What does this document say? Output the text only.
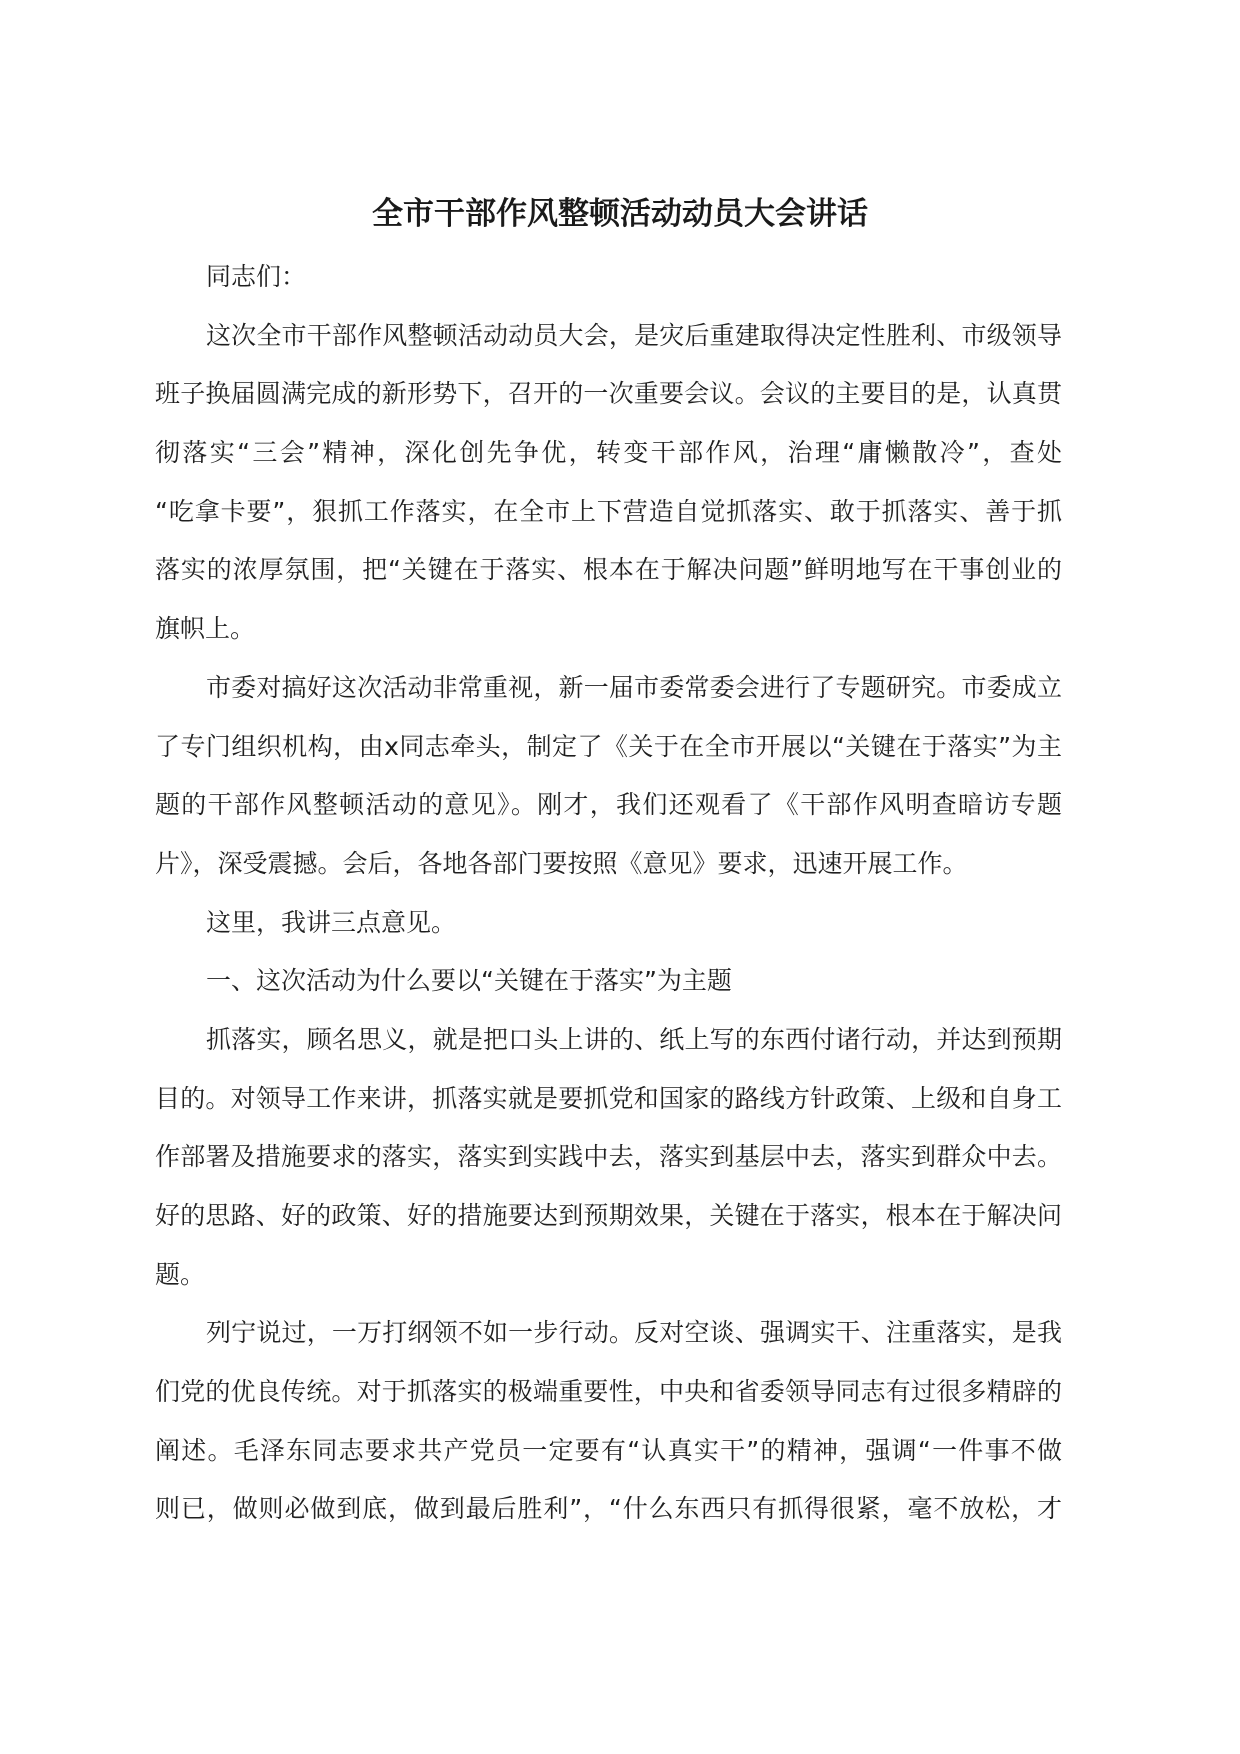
全市干部作风整顿活动动员大会讲话
同志们：
这次全市干部作风整顿活动动员大会，是灾后重建取得决定性胜利、市级领导
班子换届圆满完成的新形势下，召开的一次重要会议。会议的主要目的是，认真贯
彻落实“三会”精神，深化创先争优，转变干部作风，治理“庸懒散冷”，查处
“吃拿卡要”，狠抓工作落实，在全市上下营造自觉抓落实、敢于抓落实、善于抓
落实的浓厚氛围，把“关键在于落实、根本在于解决问题”鲜明地写在干事创业的
旗帜上。
市委对搞好这次活动非常重视，新一届市委常委会进行了专题研究。市委成立
了专门组织机构，由x同志牵头，制定了《关于在全市开展以“关键在于落实”为主
题的干部作风整顿活动的意见》。刚才，我们还观看了《干部作风明查暗访专题
片》，深受震撼。会后，各地各部门要按照《意见》要求，迅速开展工作。
这里，我讲三点意见。
一、这次活动为什么要以“关键在于落实”为主题
抓落实，顾名思义，就是把口头上讲的、纸上写的东西付诸行动，并达到预期
目的。对领导工作来讲，抓落实就是要抓党和国家的路线方针政策、上级和自身工
作部署及措施要求的落实，落实到实践中去，落实到基层中去，落实到群众中去。
好的思路、好的政策、好的措施要达到预期效果，关键在于落实，根本在于解决问
题。
列宁说过，一万打纲领不如一步行动。反对空谈、强调实干、注重落实，是我
们党的优良传统。对于抓落实的极端重要性，中央和省委领导同志有过很多精辟的
阐述。毛泽东同志要求共产党员一定要有“认真实干”的精神，强调“一件事不做
则已，做则必做到底，做到最后胜利”，“什么东西只有抓得很紧，毫不放松，才
